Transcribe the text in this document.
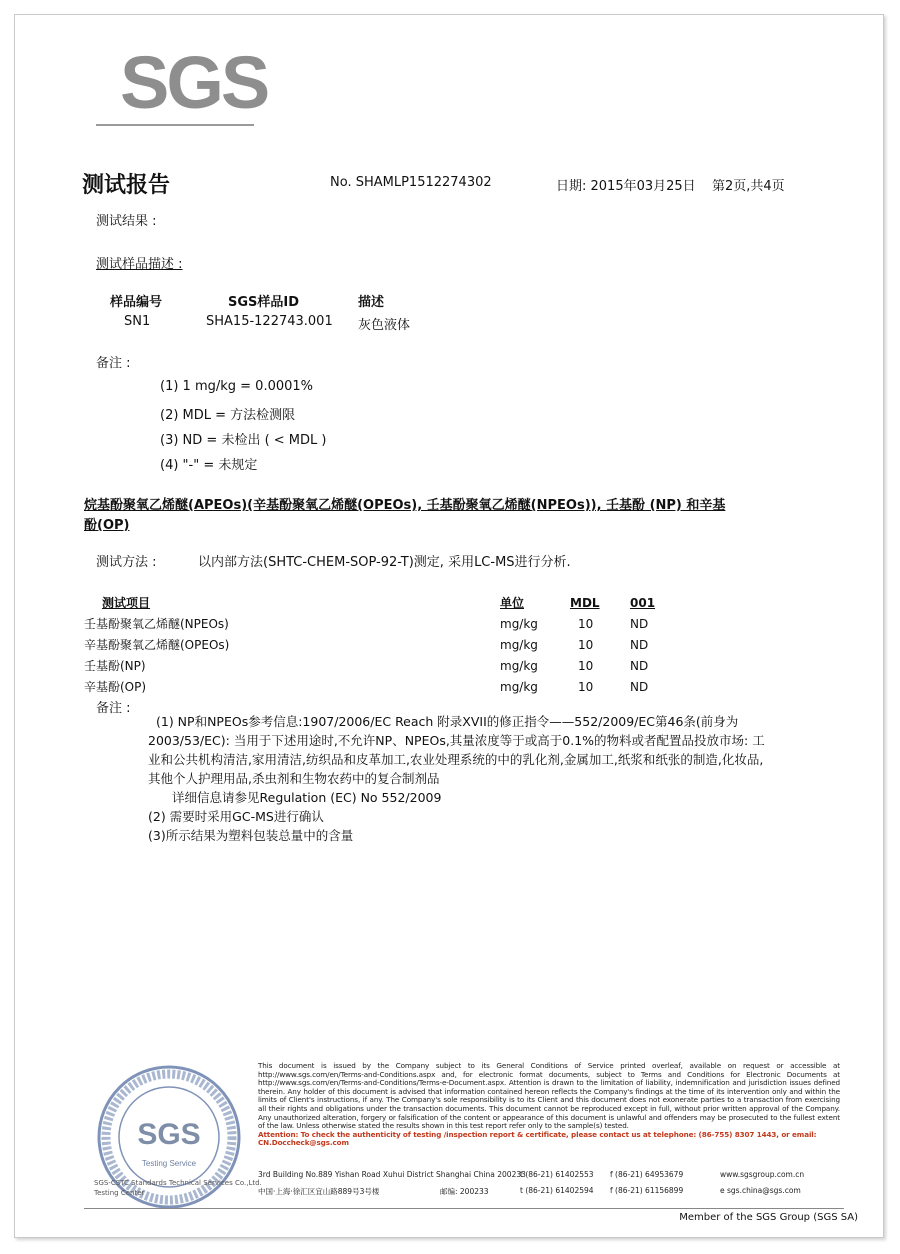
SGS
测试报告	No. SHAMLP1512274302	日期: 2015年03月25日 第2页,共4页
测试结果 :
测试样品描述 :
样品编号	SGS样品ID	描述
SN1	SHA15-122743.001 灰色液体
备注 :
(1) 1 mg/kg = 0.0001%
(2) MDL = 方法检测限
(3) ND = 未检出 ( < MDL )
(4) "-" = 未规定
烷基酚聚氧乙烯醚(APEOs)(辛基酚聚氧乙烯醚(OPEOs), 壬基酚聚氧乙烯醚(NPEOs)), 壬基酚 (NP) 和辛基
酚(OP)
测试方法 :	以内部方法(SHTC-CHEM-SOP-92-T)测定, 采用LC-MS进行分析.
测试项目	单位	MDL	001
壬基酚聚氧乙烯醚(NPEOs)	mg/kg	10	ND
辛基酚聚氧乙烯醚(OPEOs)	mg/kg	10	ND
壬基酚(NP)	mg/kg	10	ND
辛基酚(OP)	mg/kg	10	ND
备注 :
(1) NP和NPEOs参考信息:1907/2006/EC Reach 附录XVII的修正指令——552/2009/EC第46条(前身为2003/53/EC): 当用于下述用途时,不允许NP、NPEOs,其量浓度等于或高于0.1%的物料或者配置品投放市场: 工业和公共机构清洁,家用清洁,纺织品和皮革加工,农业处理系统的中的乳化剂,金属加工,纸浆和纸张的制造,化妆品,其他个人护理用品,杀虫剂和生物农药中的复合制剂品
详细信息请参见Regulation (EC) No 552/2009
(2) 需要时采用GC-MS进行确认
(3)所示结果为塑料包装总量中的含量
SGS
Testing Service
This document is issued by the Company subject to its General Conditions of Service printed overleaf, available on request or accessible at http://www.sgs.com/en/Terms-and-Conditions.aspx and, for electronic format documents, subject to Terms and Conditions for Electronic Documents at http://www.sgs.com/en/Terms-and-Conditions/Terms-e-Document.aspx. Attention is drawn to the limitation of liability, indemnification and jurisdiction issues defined therein. Any holder of this document is advised that information contained hereon reflects the Company's findings at the time of its intervention only and within the limits of Client's instructions, if any. The Company's sole responsibility is to its Client and this document does not exonerate parties to a transaction from exercising all their rights and obligations under the transaction documents. This document cannot be reproduced except in full, without prior written approval of the Company. Any unauthorized alteration, forgery or falsification of the content or appearance of this document is unlawful and offenders may be prosecuted to the fullest extent of the law. Unless otherwise stated the results shown in this test report refer only to the sample(s) tested.
Attention: To check the authenticity of testing /inspection report & certificate, please contact us at telephone: (86-755) 8307 1443, or email: CN.Doccheck@sgs.com
3rd Building No.889 Yishan Road Xuhui District Shanghai China 200233
t (86-21) 61402553 f (86-21) 64953679	www.sgsgroup.com.cn
中国·上海·徐汇区宜山路889号3号楼	邮编: 200233	t (86-21) 61402594 f (86-21) 61156899	e sgs.china@sgs.com
SGS-CSTC Standards Technical Services Co.,Ltd.
Testing Center
Member of the SGS Group (SGS SA)
